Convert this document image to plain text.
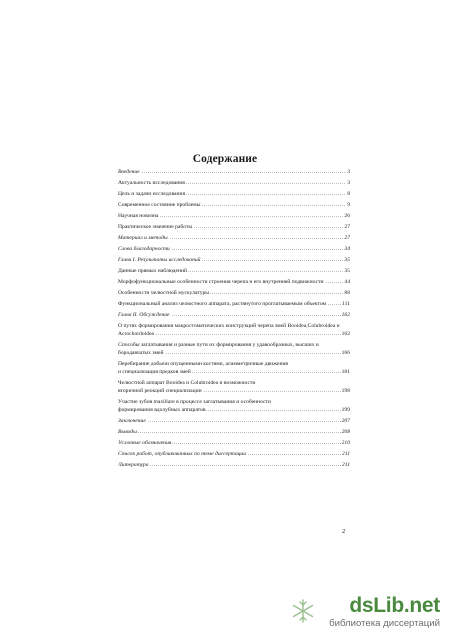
Содержание
Введение	3
.....
Актуальность исследования	3
.....
Цель и задачи исследования	8
.....
Современное состояние проблемы	9
.....
Научная новизна	26
.....
Практическое значение работы	27
.....
Материал и методы	27
.....
Слова благодарности	34
.....
Глава I. Результаты исследований	35
.....
Данные прямых наблюдений	35
.....
Морфофункциональные особенности строения черепа и его внутренней подвижности	44
.....
Особенности челюстной мускулатуры	88
.....
Функциональный анализ челюстного аппарата, растянутого проглатываемым объектом	111
.....
Глава II. Обсуждение	162
.....
О путях формирования макростоматических конструкций черепа змей Booidea,Colubroidea и
Acrochordoidea	162
.....
Способы заглатывания и разные пути их формирования у удавообразных, высших и
бородавчатых змей	166
.....
Перебирание добычи опущенными костями, асимметричные движения
и специализация предков змей	181
.....
Челюстной аппарат Booidea и Colubroidea и возможности
вторичной реокций специализации	198
.....
Участие зубов maxillare в процессе заглатывания и особенности
формирования вдолубных аппаратов	199
.....
Заключение	207
.....
Выводы	208
.....
Условные обозначения	210
.....
Список работ, опубликованных по теме диссертации	211
.....
Литература	211
.....
2
dsLib.net
библиотека диссертаций
